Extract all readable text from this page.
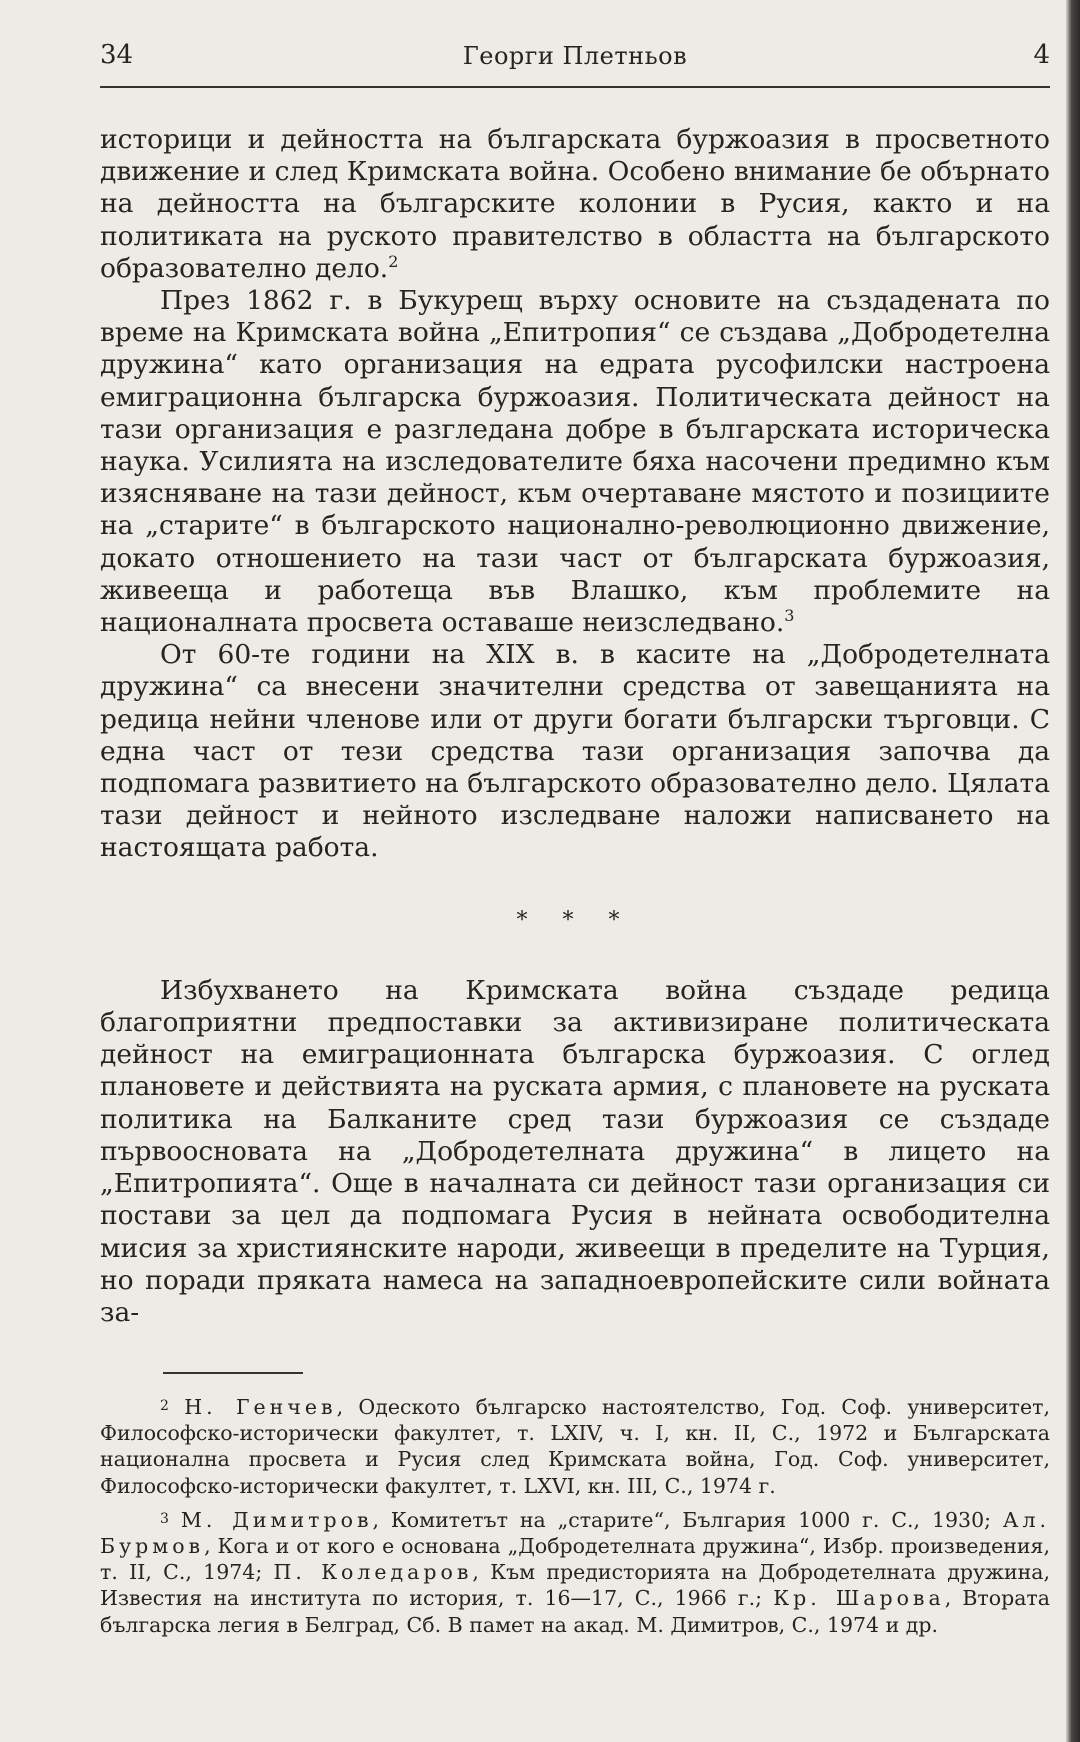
34	Георги Плетньов	4

историци и дейността на българската буржоазия в просветното движение и след Кримската война. Особено внимание бе обърнато на дейността на българските колонии в Русия, както и на политиката на руското правителство в областта на българското образователно дело.$^2$

През 1862 г. в Букурещ върху основите на създадената по време на Кримската война „Епитропия“ се създава „Добродетелна дружина“ като организация на едрата русофилски настроена емиграционна българска буржоазия. Политическата дейност на тази организация е разгледана добре в българската историческа наука. Усилията на изследователите бяха насочени предимно към изясняване на тази дейност, към очертаване мястото и позициите на „старите“ в българското национално-революционно движение, докато отношението на тази част от българската буржоазия, живееща и работеща във Влашко, към проблемите на националната просвета оставаше неизследвано.$^3$

От 60-те години на XIX в. в касите на „Добродетелната дружина“ са внесени значителни средства от завещанията на редица нейни членове или от други богати български търговци. С една част от тези средства тази организация започва да подпомага развитието на българското образователно дело. Цялата тази дейност и нейното изследване наложи написването на настоящата работа.

* * *

Избухването на Кримската война създаде редица благоприятни предпоставки за активизиране политическата дейност на емиграционната българска буржоазия. С оглед плановете и действията на руската армия, с плановете на руската политика на Балканите сред тази буржоазия се създаде първоосновата на „Добродетелната дружина“ в лицето на „Епитропията“. Още в началната си дейност тази организация си постави за цел да подпомага Русия в нейната освободителна мисия за християнските народи, живеещи в пределите на Турция, но поради пряката намеса на западноевропейските сили войната за-

$^2$ Н. Генчев, Одеското българско настоятелство, Год. Соф. университет, Философско-исторически факултет, т. LXIV, ч. I, кн. II, С., 1972 и Българската национална просвета и Русия след Кримската война, Год. Соф. университет, Философско-исторически факултет, т. LXVI, кн. III, С., 1974 г.

$^3$ М. Димитров, Комитетът на „старите“, България 1000 г. С., 1930; Ал. Бурмов, Кога и от кого е основана „Добродетелната дружина“, Избр. произведения, т. II, С., 1974; П. Коледаров, Към предисторията на Добродетелната дружина, Известия на института по история, т. 16—17, С., 1966 г.; Кр. Шарова, Втората българска легия в Белград, Сб. В памет на акад. М. Димитров, С., 1974 и др.
